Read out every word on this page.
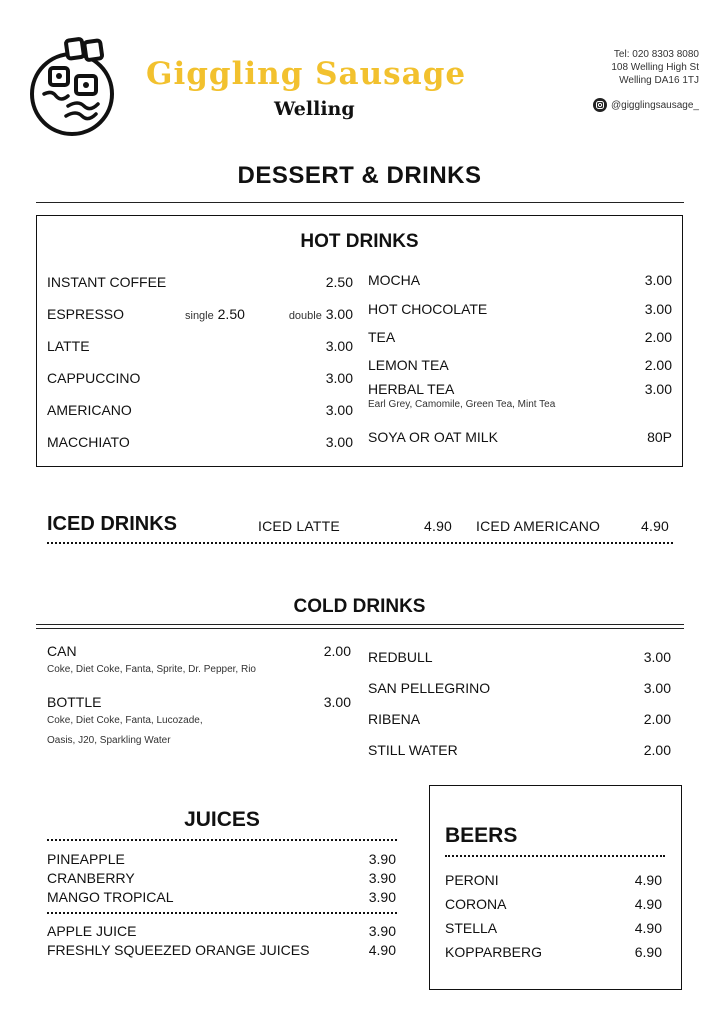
Giggling Sausage
Welling
Tel: 020 8303 8080
108 Welling High St
Welling DA16 1TJ
@gigglingsausage_
DESSERT & DRINKS
HOT DRINKS
INSTANT COFFEE	2.50
ESPRESSO	single 2.50	double 3.00
LATTE	3.00
CAPPUCCINO	3.00
AMERICANO	3.00
MACCHIATO	3.00
MOCHA	3.00
HOT CHOCOLATE	3.00
TEA	2.00
LEMON TEA	2.00
HERBAL TEA	3.00
Earl Grey, Camomile, Green Tea, Mint Tea
SOYA OR OAT MILK	80P
ICED DRINKS	ICED LATTE	4.90 ICED AMERICANO	4.90
COLD DRINKS
CAN	2.00
Coke, Diet Coke, Fanta, Sprite, Dr. Pepper, Rio
BOTTLE	3.00
Coke, Diet Coke, Fanta, Lucozade,
Oasis, J20, Sparkling Water
REDBULL	3.00
SAN PELLEGRINO	3.00
RIBENA	2.00
STILL WATER	2.00
JUICES
PINEAPPLE	3.90
CRANBERRY	3.90
MANGO TROPICAL	3.90
APPLE JUICE	3.90
FRESHLY SQUEEZED ORANGE JUICES	4.90
BEERS
PERONI	4.90
CORONA	4.90
STELLA	4.90
KOPPARBERG	6.90
